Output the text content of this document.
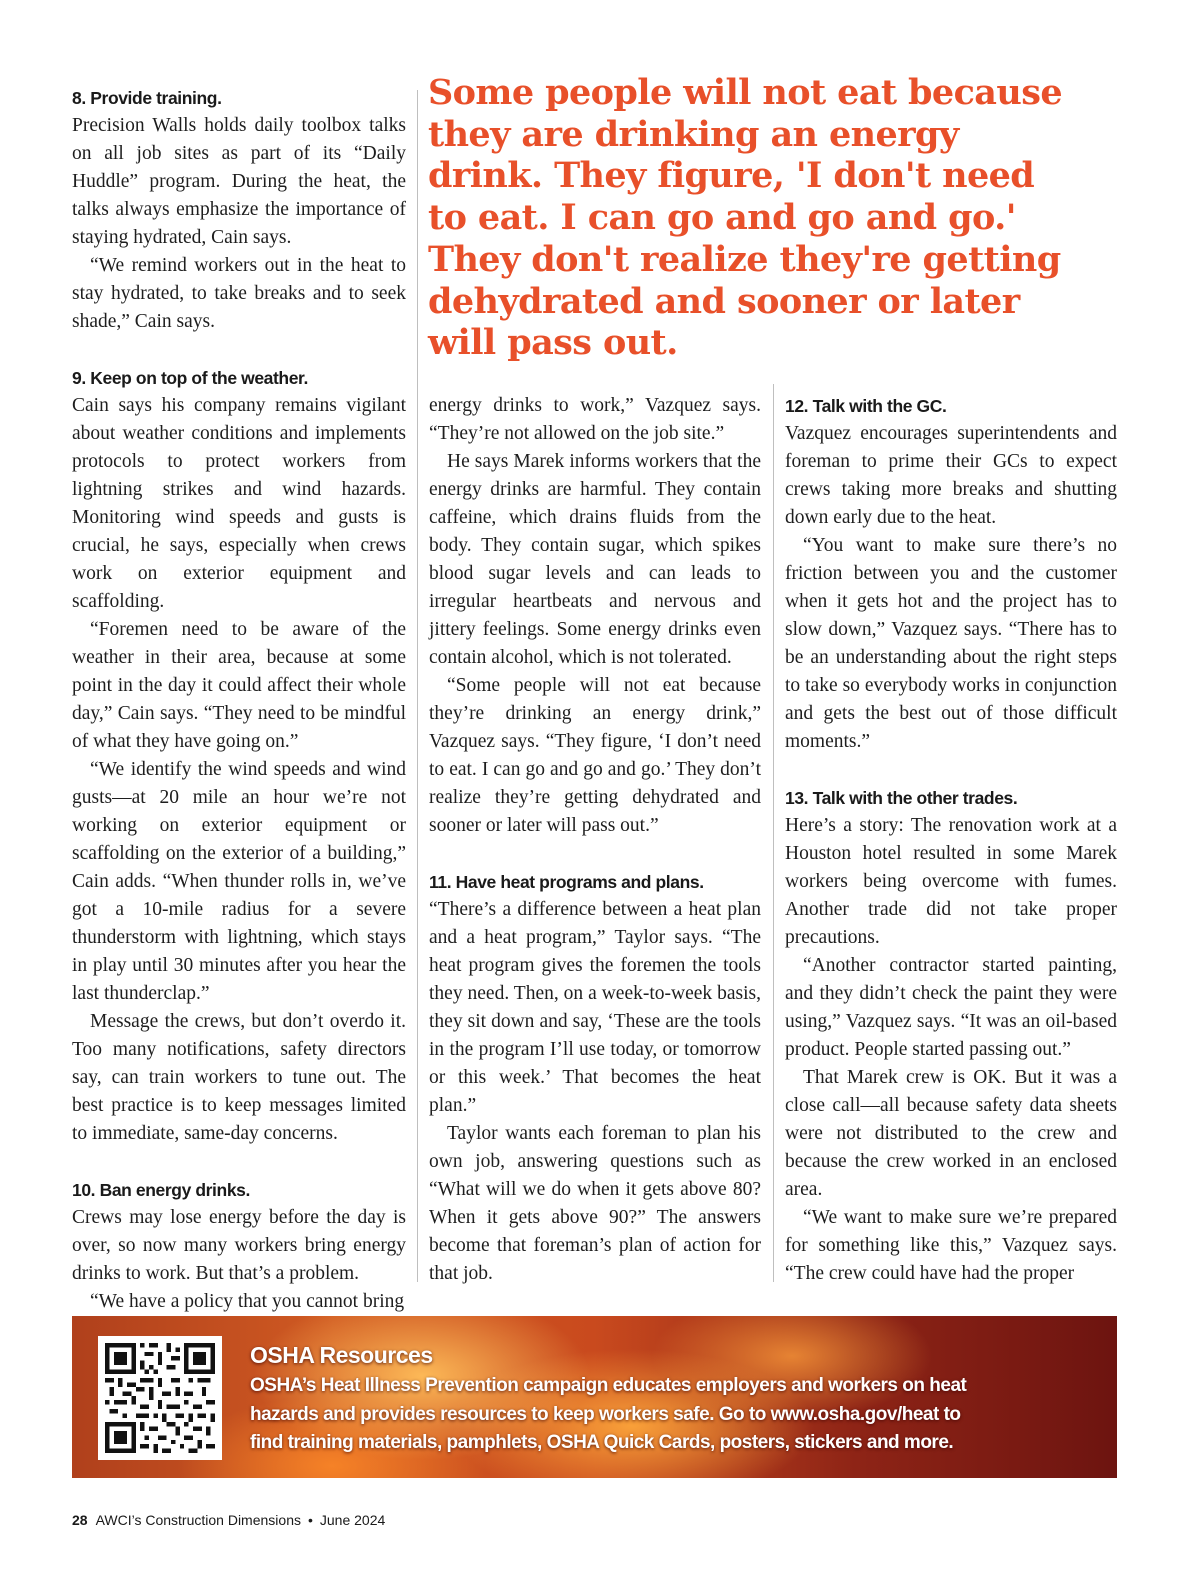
8. Provide training.

Precision Walls holds daily toolbox talks on all job sites as part of its “Daily Huddle” program. During the heat, the talks always emphasize the importance of staying hydrated, Cain says.

“We remind workers out in the heat to stay hydrated, to take breaks and to seek shade,” Cain says.

9. Keep on top of the weather.

Cain says his company remains vigilant about weather conditions and implements protocols to protect workers from lightning strikes and wind hazards. Monitoring wind speeds and gusts is crucial, he says, especially when crews work on exterior equipment and scaffolding.

“Foremen need to be aware of the weather in their area, because at some point in the day it could affect their whole day,” Cain says. “They need to be mindful of what they have going on.”

“We identify the wind speeds and wind gusts—at 20 mile an hour we’re not working on exterior equipment or scaffolding on the exterior of a building,” Cain adds. “When thunder rolls in, we’ve got a 10-mile radius for a severe thunderstorm with lightning, which stays in play until 30 minutes after you hear the last thunderclap.”

Message the crews, but don’t overdo it. Too many notifications, safety directors say, can train workers to tune out. The best practice is to keep messages limited to immediate, same-day concerns.

10. Ban energy drinks.

Crews may lose energy before the day is over, so now many workers bring energy drinks to work. But that’s a problem.

“We have a policy that you cannot bring

Some people will not eat because they are drinking an energy drink. They figure, 'I don't need to eat. I can go and go and go.' They don't realize they're getting dehydrated and sooner or later will pass out.

energy drinks to work,” Vazquez says. “They’re not allowed on the job site.”

He says Marek informs workers that the energy drinks are harmful. They contain caffeine, which drains fluids from the body. They contain sugar, which spikes blood sugar levels and can leads to irregular heartbeats and nervous and jittery feelings. Some energy drinks even contain alcohol, which is not tolerated.

“Some people will not eat because they’re drinking an energy drink,” Vazquez says. “They figure, ‘I don’t need to eat. I can go and go and go.’ They don’t realize they’re getting dehydrated and sooner or later will pass out.”

11. Have heat programs and plans.

“There’s a difference between a heat plan and a heat program,” Taylor says. “The heat program gives the foremen the tools they need. Then, on a week-to-week basis, they sit down and say, ‘These are the tools in the program I’ll use today, or tomorrow or this week.’ That becomes the heat plan.”

Taylor wants each foreman to plan his own job, answering questions such as “What will we do when it gets above 80? When it gets above 90?” The answers become that foreman’s plan of action for that job.

12. Talk with the GC.

Vazquez encourages superintendents and foreman to prime their GCs to expect crews taking more breaks and shutting down early due to the heat.

“You want to make sure there’s no friction between you and the customer when it gets hot and the project has to slow down,” Vazquez says. “There has to be an understanding about the right steps to take so everybody works in conjunction and gets the best out of those difficult moments.”

13. Talk with the other trades.

Here’s a story: The renovation work at a Houston hotel resulted in some Marek workers being overcome with fumes. Another trade did not take proper precautions.

“Another contractor started painting, and they didn’t check the paint they were using,” Vazquez says. “It was an oil-based product. People started passing out.”

That Marek crew is OK. But it was a close call—all because safety data sheets were not distributed to the crew and because the crew worked in an enclosed area.

“We want to make sure we’re prepared for something like this,” Vazquez says. “The crew could have had the proper

OSHA Resources
OSHA’s Heat Illness Prevention campaign educates employers and workers on heat hazards and provides resources to keep workers safe. Go to www.osha.gov/heat to find training materials, pamphlets, OSHA Quick Cards, posters, stickers and more.
28 AWCI’s Construction Dimensions • June 2024
